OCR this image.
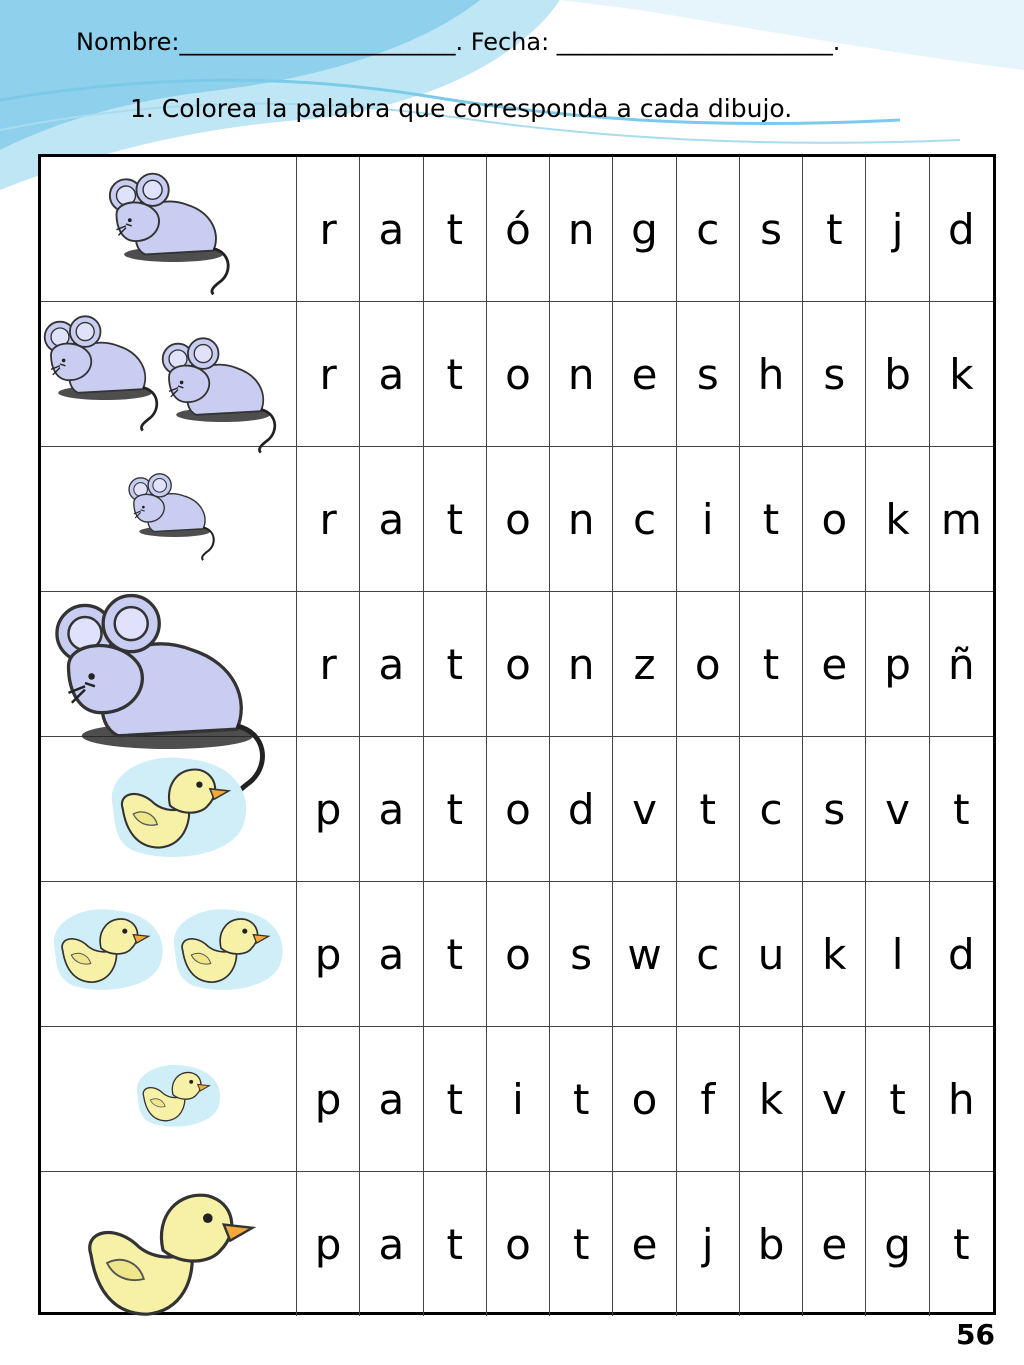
Nombre:_______________________. Fecha: _______________________.
1. Colorea la palabra que corresponda a cada dibujo.
r a	t	ó n g c s	t	j	d
r a	t	o n e s h s b k
r a	t	o n c	i	t	o k m
r a	t	o n z o	t	e p ñ
p a	t	o d v	t	c s v	t
p a	t	o s w c u k	l	d
p a	t	i	t	o	f	k v	t	h
p a	t	o	t	e	j	b e g	t
56
